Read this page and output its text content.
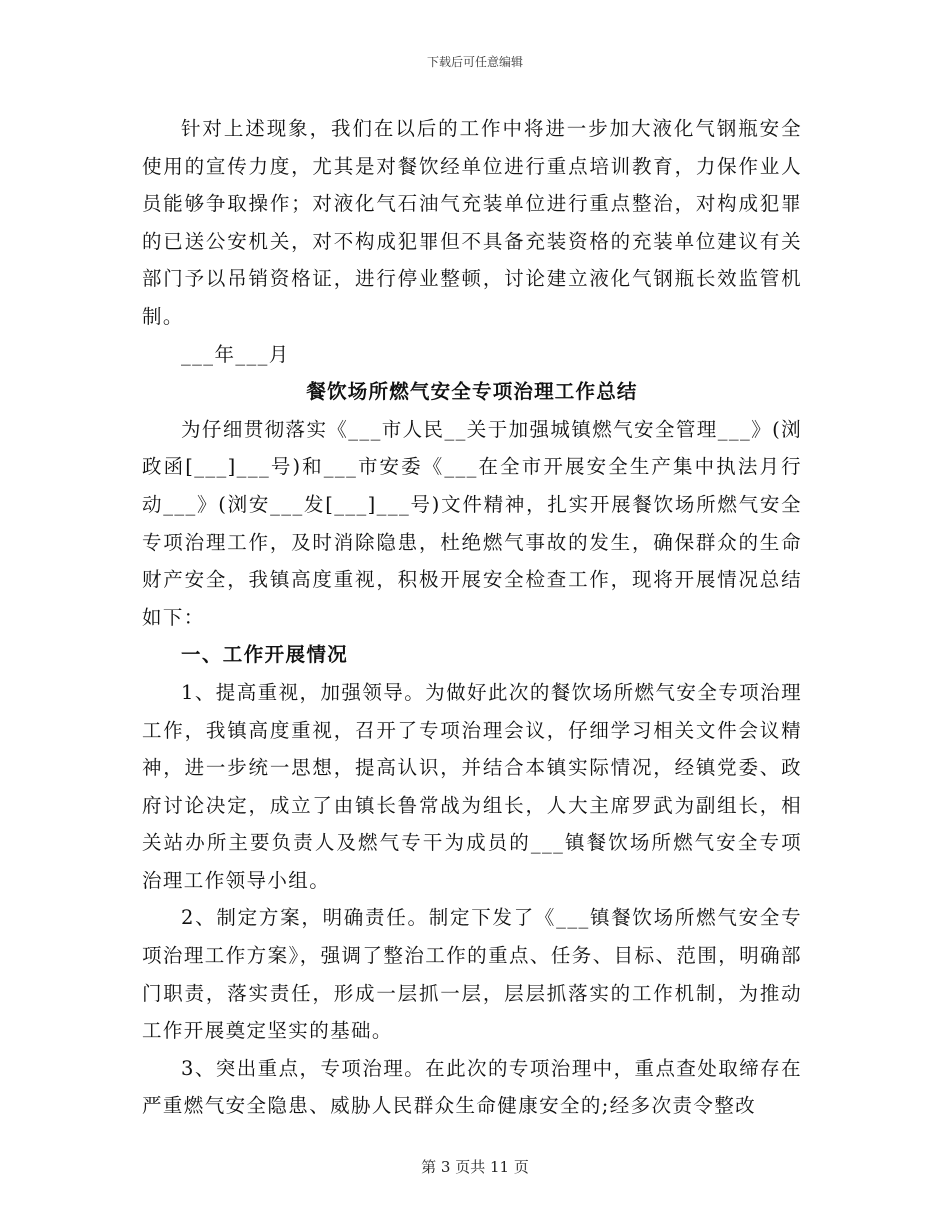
下载后可任意编辑

针对上述现象，我们在以后的工作中将进一步加大液化气钢瓶安全使用的宣传力度，尤其是对餐饮经单位进行重点培训教育，力保作业人员能够争取操作；对液化气石油气充装单位进行重点整治，对构成犯罪的已送公安机关，对不构成犯罪但不具备充装资格的充装单位建议有关部门予以吊销资格证，进行停业整顿，讨论建立液化气钢瓶长效监管机制。

___年___月

餐饮场所燃气安全专项治理工作总结

为仔细贯彻落实《___市人民__关于加强城镇燃气安全管理___》(浏政函[___]___号)和___市安委《___在全市开展安全生产集中执法月行动___》(浏安___发[___]___号)文件精神，扎实开展餐饮场所燃气安全专项治理工作，及时消除隐患，杜绝燃气事故的发生，确保群众的生命财产安全，我镇高度重视，积极开展安全检查工作，现将开展情况总结如下：

一、工作开展情况

1、提高重视，加强领导。为做好此次的餐饮场所燃气安全专项治理工作，我镇高度重视，召开了专项治理会议，仔细学习相关文件会议精神，进一步统一思想，提高认识，并结合本镇实际情况，经镇党委、政府讨论决定，成立了由镇长鲁常战为组长，人大主席罗武为副组长，相关站办所主要负责人及燃气专干为成员的___镇餐饮场所燃气安全专项治理工作领导小组。

2、制定方案，明确责任。制定下发了《___镇餐饮场所燃气安全专项治理工作方案》，强调了整治工作的重点、任务、目标、范围，明确部门职责，落实责任，形成一层抓一层，层层抓落实的工作机制，为推动工作开展奠定坚实的基础。

3、突出重点，专项治理。在此次的专项治理中，重点查处取缔存在严重燃气安全隐患、威胁人民群众生命健康安全的;经多次责令整改

第 3 页共 11 页
